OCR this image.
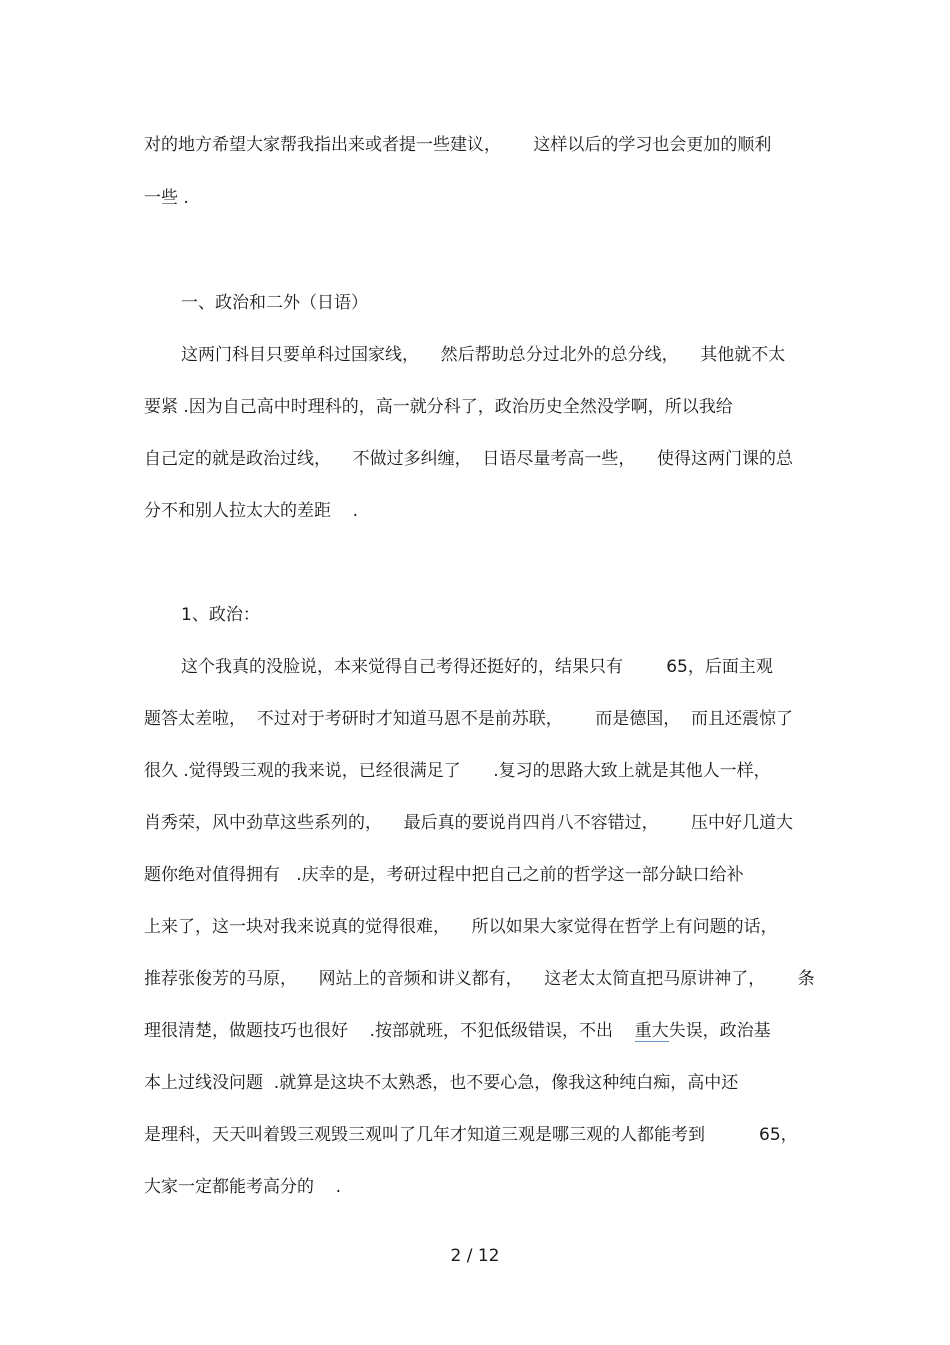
对的地方希望大家帮我指出来或者提一些建议，      这样以后的学习也会更加的顺利
一些 .
一、政治和二外（日语）
这两门科目只要单科过国家线，    然后帮助总分过北外的总分线，    其他就不太
要紧 .因为自己高中时理科的，高一就分科了，政治历史全然没学啊，所以我给
自己定的就是政治过线，    不做过多纠缠，  日语尽量考高一些，    使得这两门课的总
分不和别人拉太大的差距    .
1、政治：
这个我真的没脸说，本来觉得自己考得还挺好的，结果只有        65，后面主观
题答太差啦，  不过对于考研时才知道马恩不是前苏联，      而是德国，  而且还震惊了
很久 .觉得毁三观的我来说，已经很满足了      .复习的思路大致上就是其他人一样，
肖秀荣，风中劲草这些系列的，    最后真的要说肖四肖八不容错过，      压中好几道大
题你绝对值得拥有   .庆幸的是，考研过程中把自己之前的哲学这一部分缺口给补
上来了，这一块对我来说真的觉得很难，    所以如果大家觉得在哲学上有问题的话，
推荐张俊芳的马原，    网站上的音频和讲义都有，    这老太太简直把马原讲神了，      条
理很清楚，做题技巧也很好    .按部就班，不犯低级错误，不出    重大失误，政治基
本上过线没问题  .就算是这块不太熟悉，也不要心急，像我这种纯白痴，高中还
是理科，天天叫着毁三观毁三观叫了几年才知道三观是哪三观的人都能考到          65，
大家一定都能考高分的    .
2 / 12
